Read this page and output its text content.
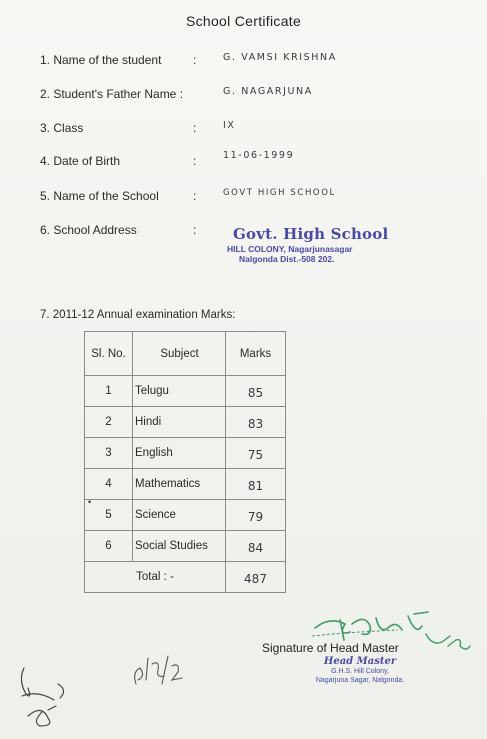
School Certificate
1. Name of the student	:	G. VAMSI KRISHNA
2. Student's Father Name :	G. NAGARJUNA
3. Class	:	IX
4. Date of Birth	:	11-06-1999
5. Name of the School	:	GOVT HIGH SCHOOL
6. School Address	: Govt. High School
HILL COLONY, Nagarjunasagar
Nalgonda Dist.-508 202.
7. 2011-12 Annual examination Marks:
Sl. No.	Subject	Marks
1	Telugu	85
2	Hindi	83
3	English	75
4	Mathematics	81
5	Science	79
6	Social Studies	84
Total : -		487
•
Signature of Head Master
Head Master
G.H.S. Hill Colony,
Nagarjuna Sagar, Nalgonda.
